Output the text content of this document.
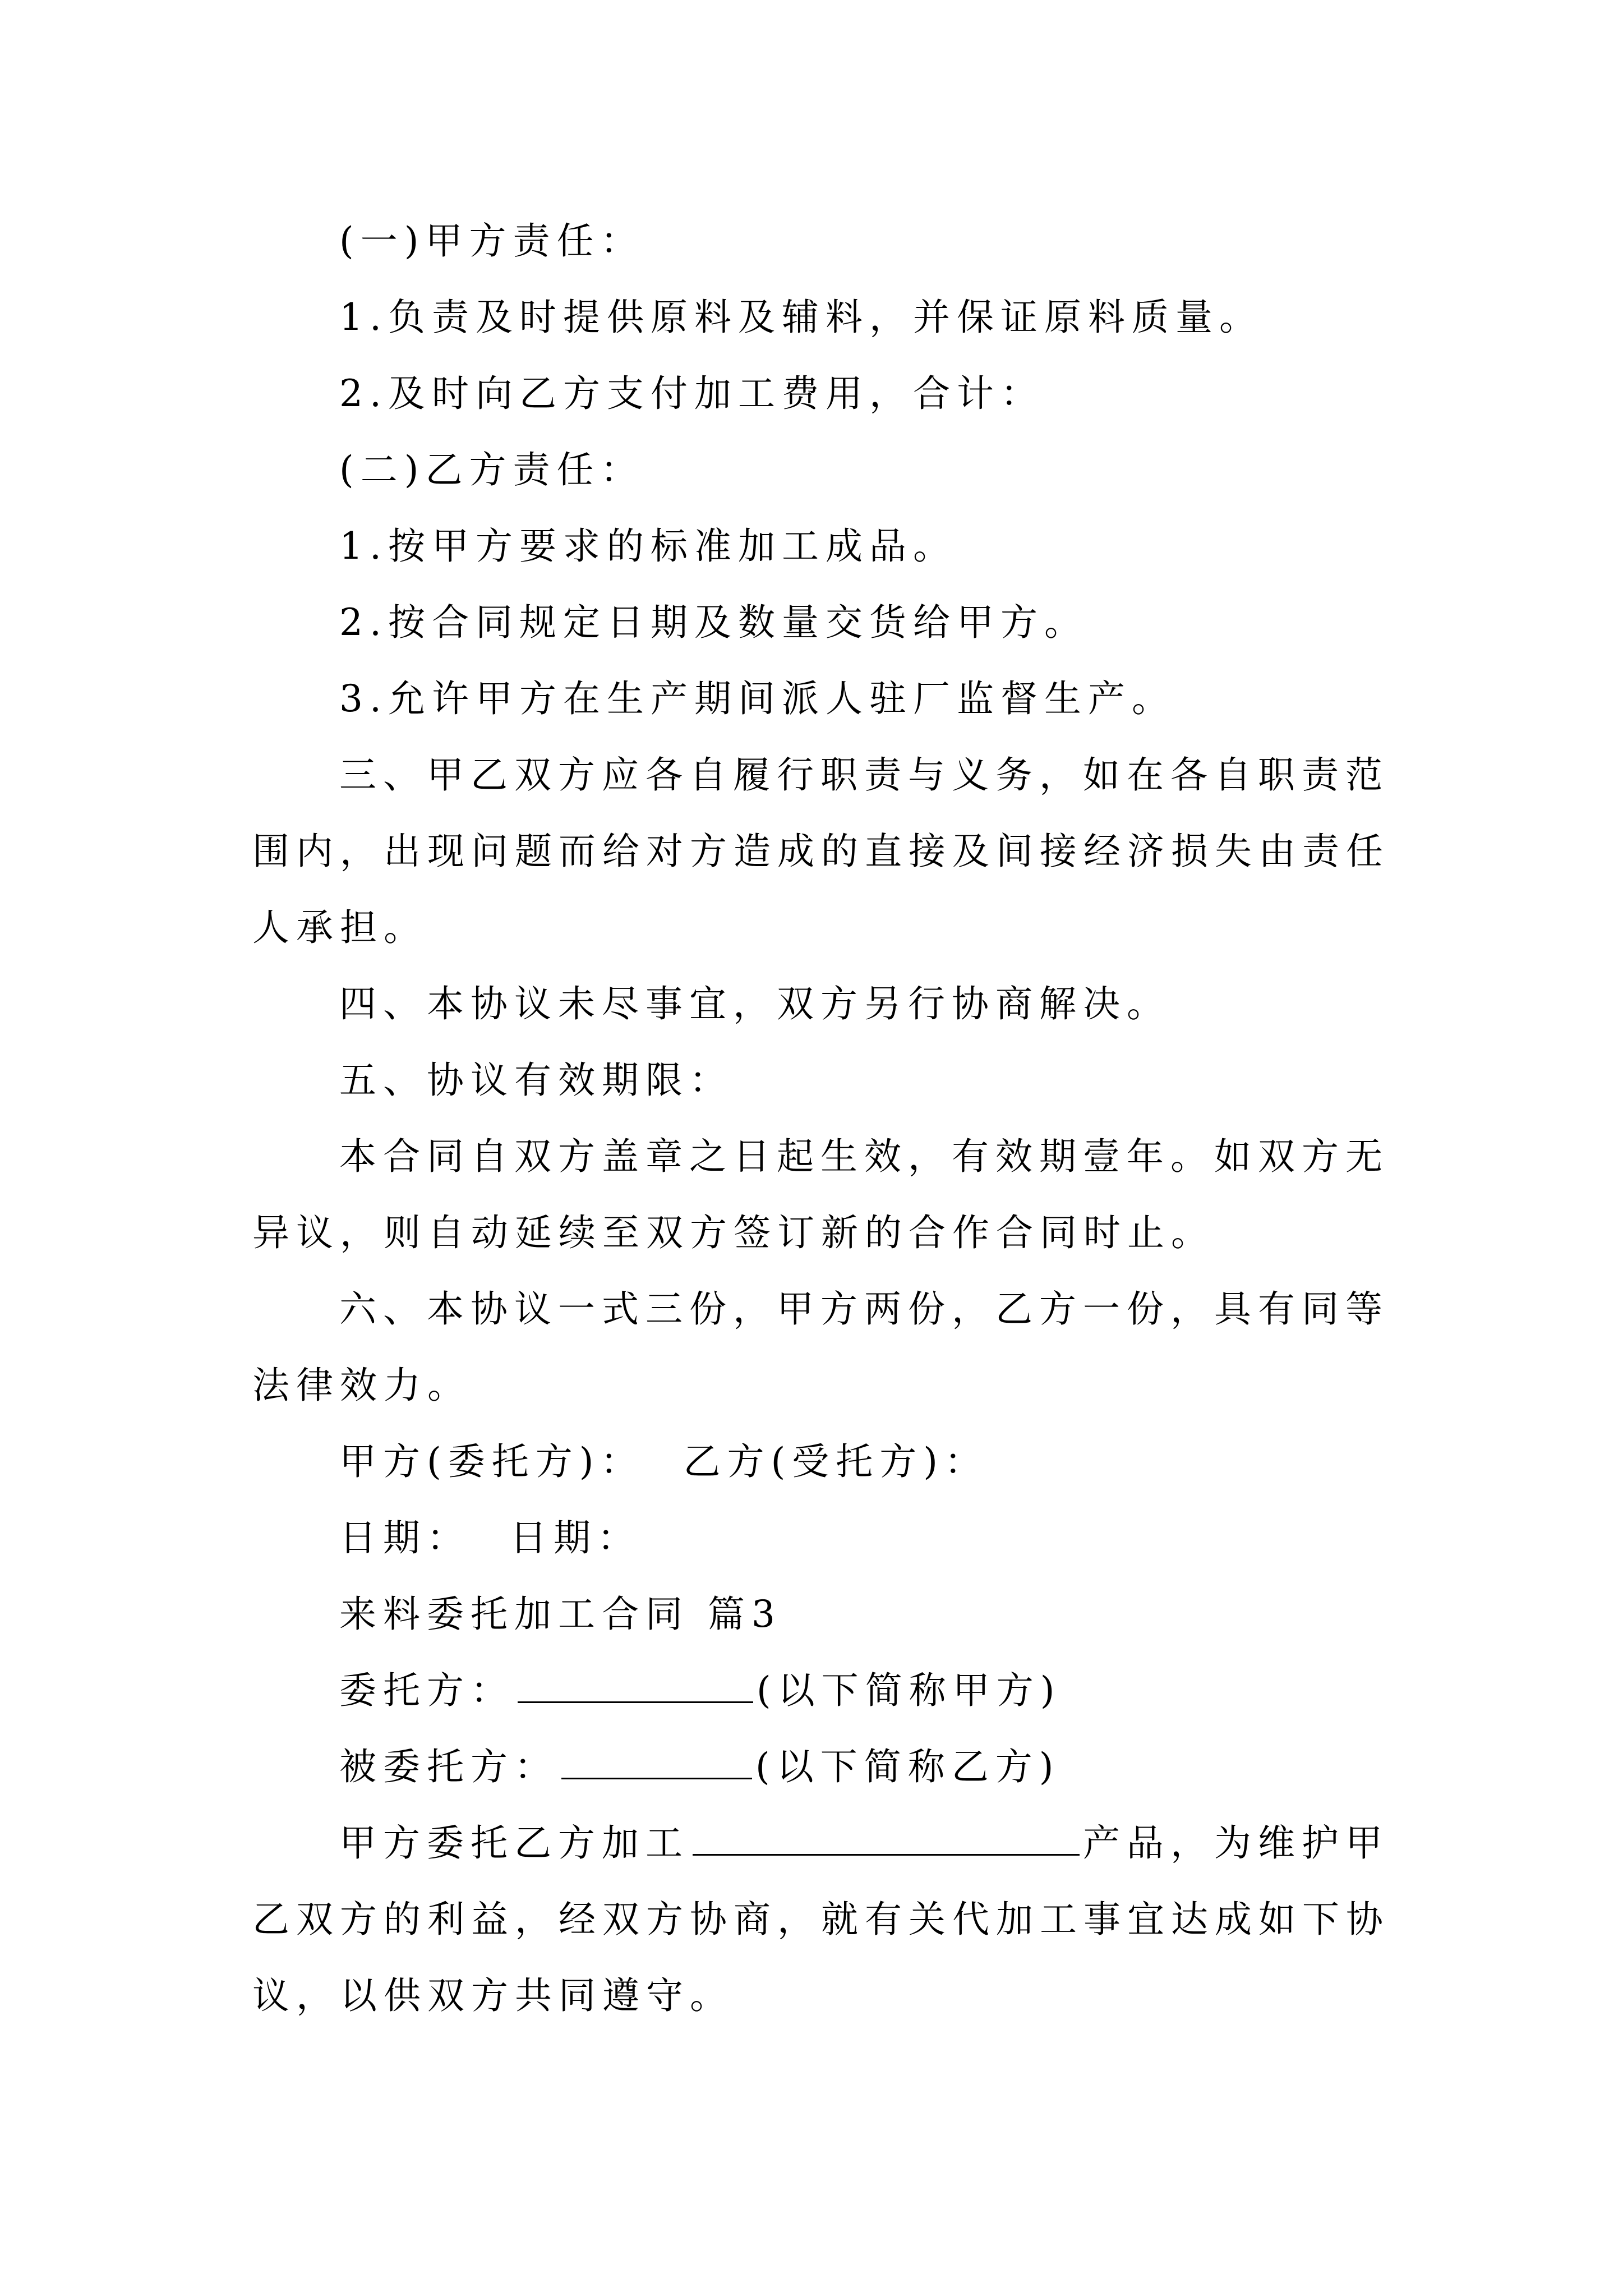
(一)甲方责任：
1.负责及时提供原料及辅料，并保证原料质量。
2.及时向乙方支付加工费用，合计：
(二)乙方责任：
1.按甲方要求的标准加工成品。
2.按合同规定日期及数量交货给甲方。
3.允许甲方在生产期间派人驻厂监督生产。
三、甲乙双方应各自履行职责与义务，如在各自职责范
围内，出现问题而给对方造成的直接及间接经济损失由责任
人承担。
四、本协议未尽事宜，双方另行协商解决。
五、协议有效期限：
本合同自双方盖章之日起生效，有效期壹年。如双方无
异议，则自动延续至双方签订新的合作合同时止。
六、本协议一式三份，甲方两份，乙方一份，具有同等
法律效力。
甲方(委托方)： 乙方(受托方)：
日期： 日期：
来料委托加工合同 篇3
委托方：	(以下简称甲方)
被委托方：	(以下简称乙方)
甲方委托乙方加工	产品，为维护甲
乙双方的利益，经双方协商，就有关代加工事宜达成如下协
议，以供双方共同遵守。
